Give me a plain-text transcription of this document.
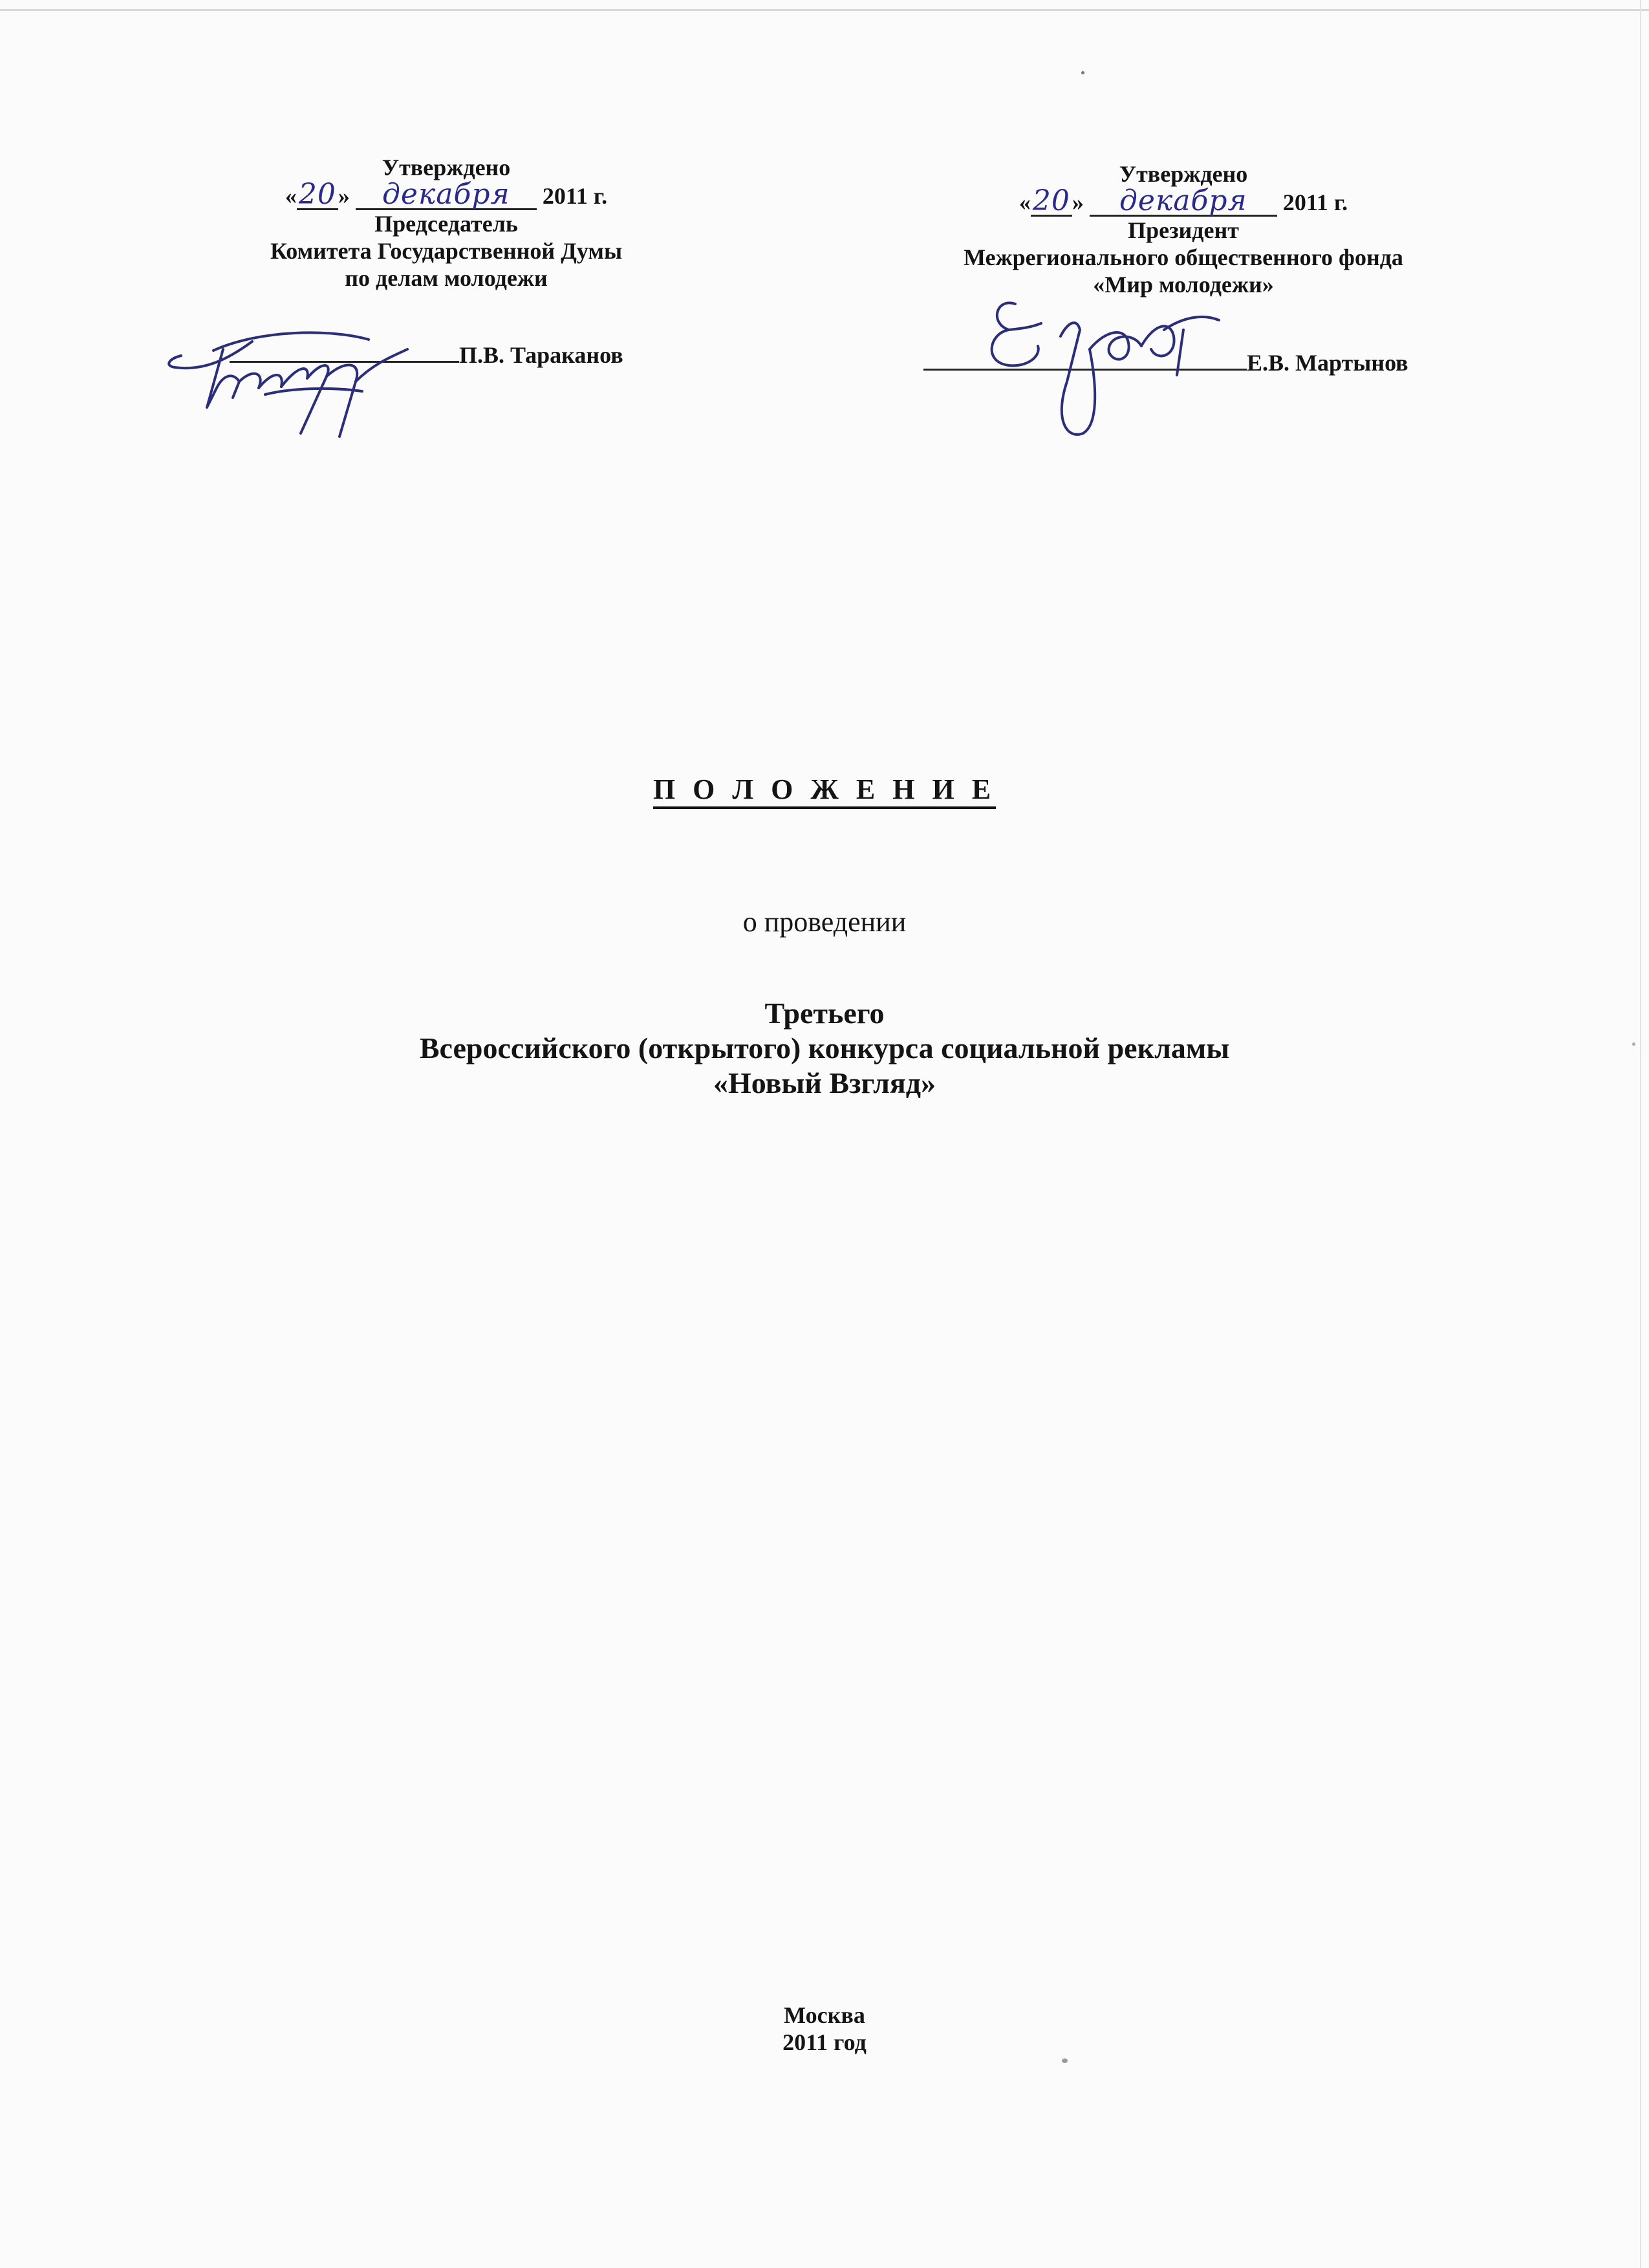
Утверждено
«20» декабря 2011 г.
Председатель
Комитета Государственной Думы
по делам молодежи
П.В. Тараканов
Утверждено
«20» декабря 2011 г.
Президент
Межрегионального общественного фонда
«Мир молодежи»
Е.В. Мартынов
П О Л О Ж Е Н И Е
о проведении
Третьего
Всероссийского (открытого) конкурса социальной рекламы
«Новый Взгляд»
Москва
2011 год
